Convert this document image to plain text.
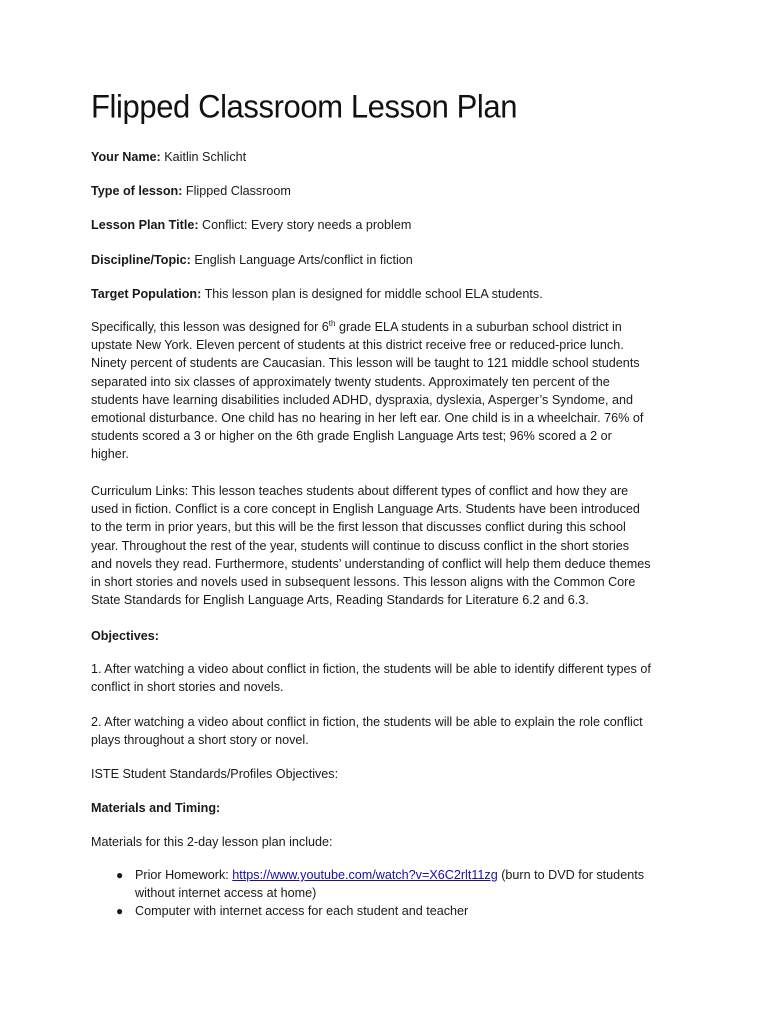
Flipped Classroom Lesson Plan

Your Name: Kaitlin Schlicht

Type of lesson: Flipped Classroom

Lesson Plan Title: Conflict: Every story needs a problem

Discipline/Topic: English Language Arts/conflict in fiction

Target Population: This lesson plan is designed for middle school ELA students.

Specifically, this lesson was designed for 6th grade ELA students in a suburban school district in
upstate New York. Eleven percent of students at this district receive free or reduced-price lunch.
Ninety percent of students are Caucasian. This lesson will be taught to 121 middle school students
separated into six classes of approximately twenty students. Approximately ten percent of the
students have learning disabilities included ADHD, dyspraxia, dyslexia, Asperger’s Syndome, and
emotional disturbance. One child has no hearing in her left ear. One child is in a wheelchair. 76% of
students scored a 3 or higher on the 6th grade English Language Arts test; 96% scored a 2 or
higher.
Curriculum Links: This lesson teaches students about different types of conflict and how they are
used in fiction. Conflict is a core concept in English Language Arts. Students have been introduced
to the term in prior years, but this will be the first lesson that discusses conflict during this school
year. Throughout the rest of the year, students will continue to discuss conflict in the short stories
and novels they read. Furthermore, students’ understanding of conflict will help them deduce themes
in short stories and novels used in subsequent lessons. This lesson aligns with the Common Core
State Standards for English Language Arts, Reading Standards for Literature 6.2 and 6.3.

Objectives:

1. After watching a video about conflict in fiction, the students will be able to identify different types of
conflict in short stories and novels.
2. After watching a video about conflict in fiction, the students will be able to explain the role conflict
plays throughout a short story or novel.

ISTE Student Standards/Profiles Objectives:

Materials and Timing:

Materials for this 2-day lesson plan include:

● Prior Homework: https://www.youtube.com/watch?v=X6C2rlt11zg (burn to DVD for students
without internet access at home)
● Computer with internet access for each student and teacher
